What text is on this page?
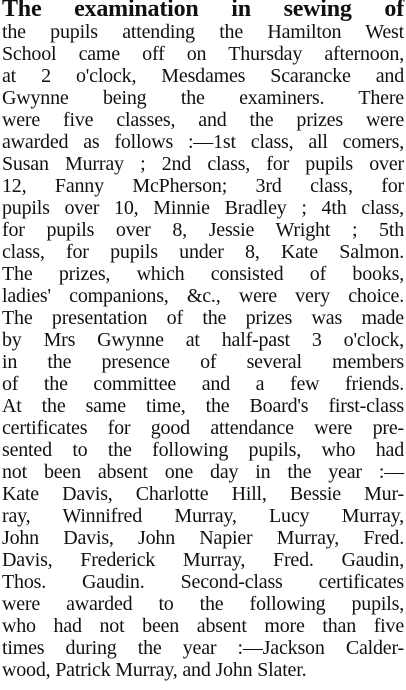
The examination in sewing of
the pupils attending the Hamilton West
School came off on Thursday afternoon,
at 2 o'clock, Mesdames Scarancke and
Gwynne being the examiners. There
were five classes, and the prizes were
awarded as follows :—1st class, all comers,
Susan Murray ; 2nd class, for pupils over
12, Fanny McPherson; 3rd class, for
pupils over 10, Minnie Bradley ; 4th class,
for pupils over 8, Jessie Wright ; 5th
class, for pupils under 8, Kate Salmon.
The prizes, which consisted of books,
ladies' companions, &c., were very choice.
The presentation of the prizes was made
by Mrs Gwynne at half-past 3 o'clock,
in the presence of several members
of the committee and a few friends.
At the same time, the Board's first-class
certificates for good attendance were pre-
sented to the following pupils, who had
not been absent one day in the year :—
Kate Davis, Charlotte Hill, Bessie Mur-
ray, Winnifred Murray, Lucy Murray,
John Davis, John Napier Murray, Fred.
Davis, Frederick Murray, Fred. Gaudin,
Thos. Gaudin. Second-class certificates
were awarded to the following pupils,
who had not been absent more than five
times during the year :—Jackson Calder-
wood, Patrick Murray, and John Slater.
